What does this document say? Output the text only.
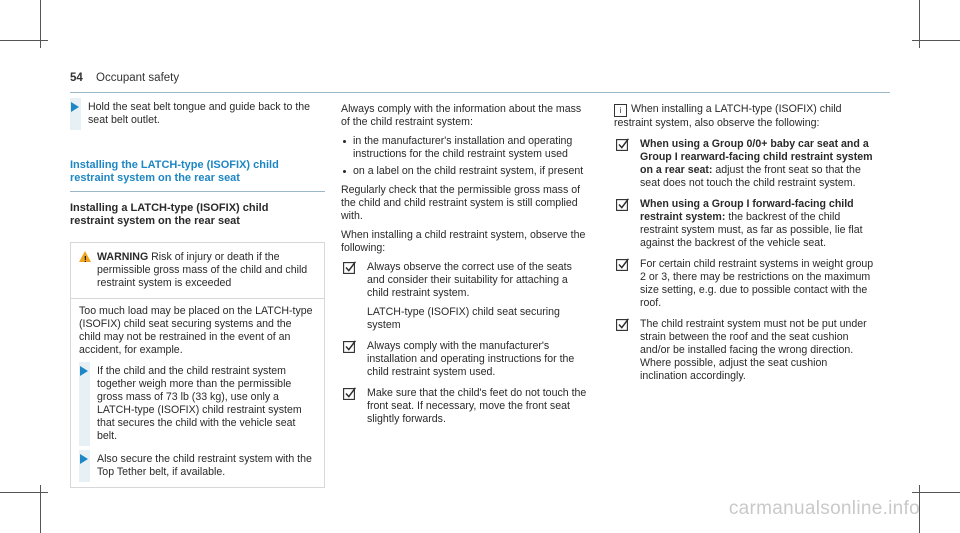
54 Occupant safety
Hold the seat belt tongue and guide back to the seat belt outlet.
Installing the LATCH-type (ISOFIX) child
restraint system on the rear seat
Installing a LATCH-type (ISOFIX) child
restraint system on the rear seat
! WARNING Risk of injury or death if the permissible gross mass of the child and child restraint system is exceeded

Too much load may be placed on the LATCH-type (ISOFIX) child seat securing systems and the child may not be restrained in the event of an accident, for example.

If the child and the child restraint system together weigh more than the permissible gross mass of 73 lb (33 kg), use only a LATCH-type (ISOFIX) child restraint system that secures the child with the vehicle seat belt.
Also secure the child restraint system with the Top Tether belt, if available.

Always comply with the information about the mass of the child restraint system:

in the manufacturer's installation and operating instructions for the child restraint system used
on a label on the child restraint system, if present

Regularly check that the permissible gross mass of the child and child restraint system is still complied with.

When installing a child restraint system, observe the following:

Always observe the correct use of the seats and consider their suitability for attaching a child restraint system.
LATCH-type (ISOFIX) child seat securing system
Always comply with the manufacturer's installation and operating instructions for the child restraint system used.
Make sure that the child's feet do not touch the front seat. If necessary, move the front seat slightly forwards.
i When installing a LATCH-type (ISOFIX) child restraint system, also observe the following:
When using a Group 0/0+ baby car seat and a Group I rearward-facing child restraint system on a rear seat: adjust the front seat so that the seat does not touch the child restraint system.
When using a Group I forward-facing child restraint system: the backrest of the child restraint system must, as far as possible, lie flat against the backrest of the vehicle seat.
For certain child restraint systems in weight group 2 or 3, there may be restrictions on the maximum size setting, e.g. due to possible contact with the roof.
The child restraint system must not be put under strain between the roof and the seat cushion and/or be installed facing the wrong direction. Where possible, adjust the seat cushion inclination accordingly.
carmanualsonline.info
